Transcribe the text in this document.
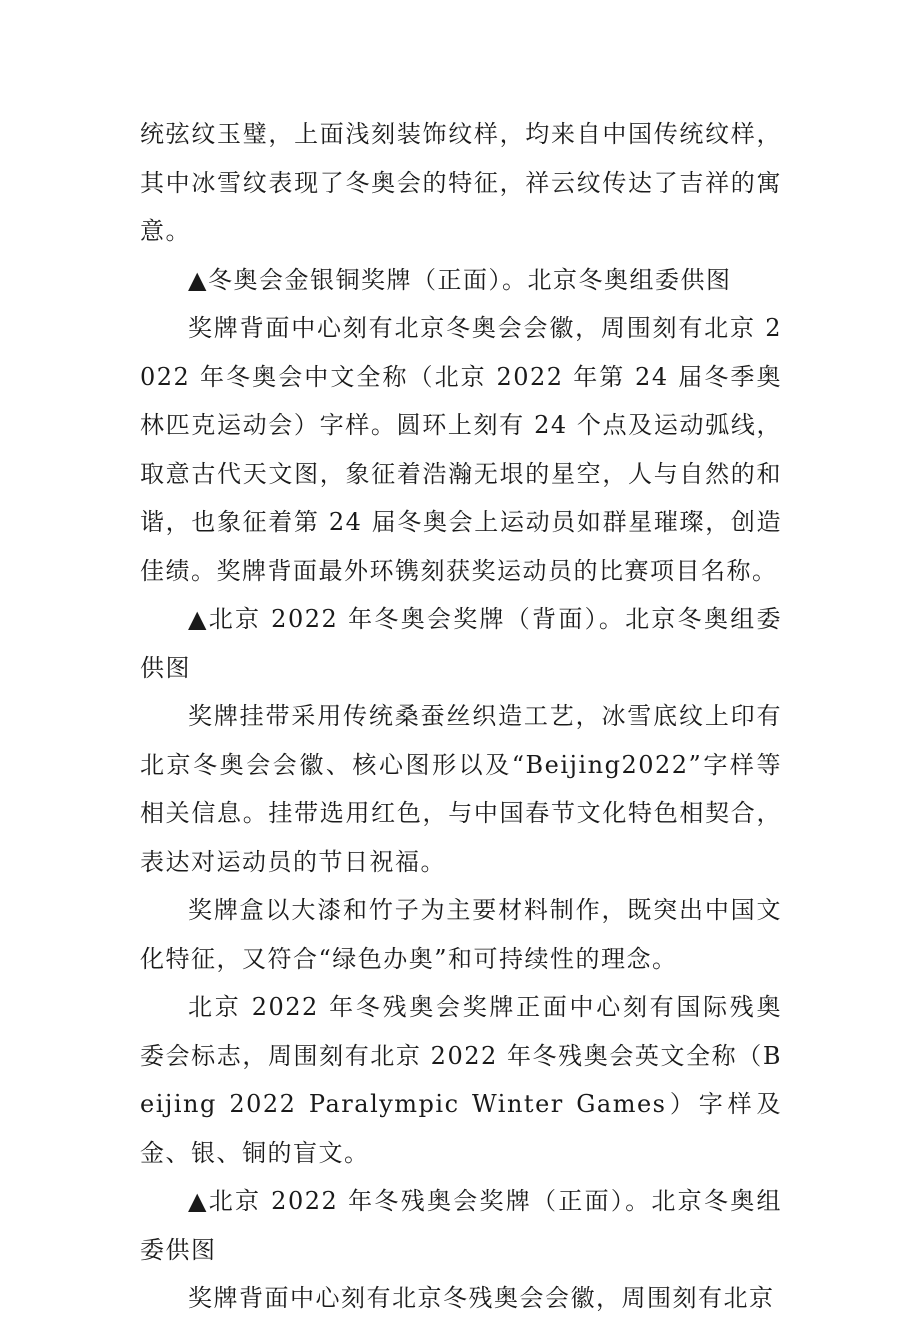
统弦纹玉璧，上面浅刻装饰纹样，均来自中国传统纹样，其中冰雪纹表现了冬奥会的特征，祥云纹传达了吉祥的寓意。

▲冬奥会金银铜奖牌（正面）。北京冬奥组委供图

奖牌背面中心刻有北京冬奥会会徽，周围刻有北京 2022 年冬奥会中文全称（北京 2022 年第 24 届冬季奥林匹克运动会）字样。圆环上刻有 24 个点及运动弧线，取意古代天文图，象征着浩瀚无垠的星空，人与自然的和谐，也象征着第 24 届冬奥会上运动员如群星璀璨，创造佳绩。奖牌背面最外环镌刻获奖运动员的比赛项目名称。

▲北京 2022 年冬奥会奖牌（背面）。北京冬奥组委供图

奖牌挂带采用传统桑蚕丝织造工艺，冰雪底纹上印有北京冬奥会会徽、核心图形以及“Beijing2022”字样等相关信息。挂带选用红色，与中国春节文化特色相契合，表达对运动员的节日祝福。

奖牌盒以大漆和竹子为主要材料制作，既突出中国文化特征，又符合“绿色办奥”和可持续性的理念。

北京 2022 年冬残奥会奖牌正面中心刻有国际残奥委会标志，周围刻有北京 2022 年冬残奥会英文全称（Beijing 2022 Paralympic Winter Games）字样及金、银、铜的盲文。

▲北京 2022 年冬残奥会奖牌（正面）。北京冬奥组委供图

奖牌背面中心刻有北京冬残奥会会徽，周围刻有北京
